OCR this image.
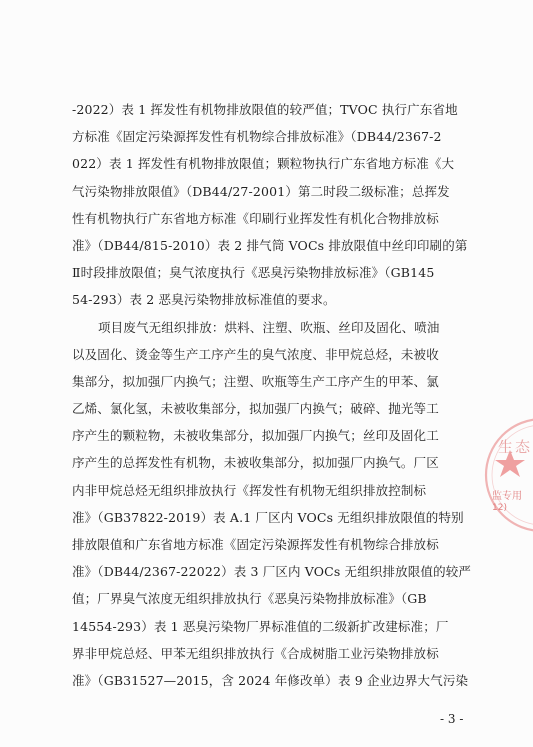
-2022）表 1 挥发性有机物排放限值的较严值；TVOC 执行广东省地
方标准《固定污染源挥发性有机物综合排放标准》（DB44/2367-2
022）表 1 挥发性有机物排放限值；颗粒物执行广东省地方标准《大
气污染物排放限值》（DB44/27-2001）第二时段二级标准；总挥发
性有机物执行广东省地方标准《印刷行业挥发性有机化合物排放标
准》（DB44/815-2010）表 2 排气筒 VOCs 排放限值中丝印印刷的第
Ⅱ时段排放限值；臭气浓度执行《恶臭污染物排放标准》（GB145
54-293）表 2 恶臭污染物排放标准值的要求。
项目废气无组织排放：烘料、注塑、吹瓶、丝印及固化、喷油
以及固化、烫金等生产工序产生的臭气浓度、非甲烷总烃，未被收
集部分，拟加强厂内换气；注塑、吹瓶等生产工序产生的甲苯、氯
乙烯、氯化氢，未被收集部分，拟加强厂内换气；破碎、抛光等工
序产生的颗粒物，未被收集部分，拟加强厂内换气；丝印及固化工
序产生的总挥发性有机物，未被收集部分，拟加强厂内换气。厂区
内非甲烷总烃无组织排放执行《挥发性有机物无组织排放控制标
准》（GB37822-2019）表 A.1 厂区内 VOCs 无组织排放限值的特别
排放限值和广东省地方标准《固定污染源挥发性有机物综合排放标
准》（DB44/2367-22022）表 3 厂区内 VOCs 无组织排放限值的较严
值；厂界臭气浓度无组织排放执行《恶臭污染物排放标准》（GB
14554-293）表 1 恶臭污染物厂界标准值的二级新扩改建标准；厂
界非甲烷总烃、甲苯无组织排放执行《合成树脂工业污染物排放标
准》（GB31527—2015，含 2024 年修改单）表 9 企业边界大气污染
生态
监专用
12)
- 3 -
